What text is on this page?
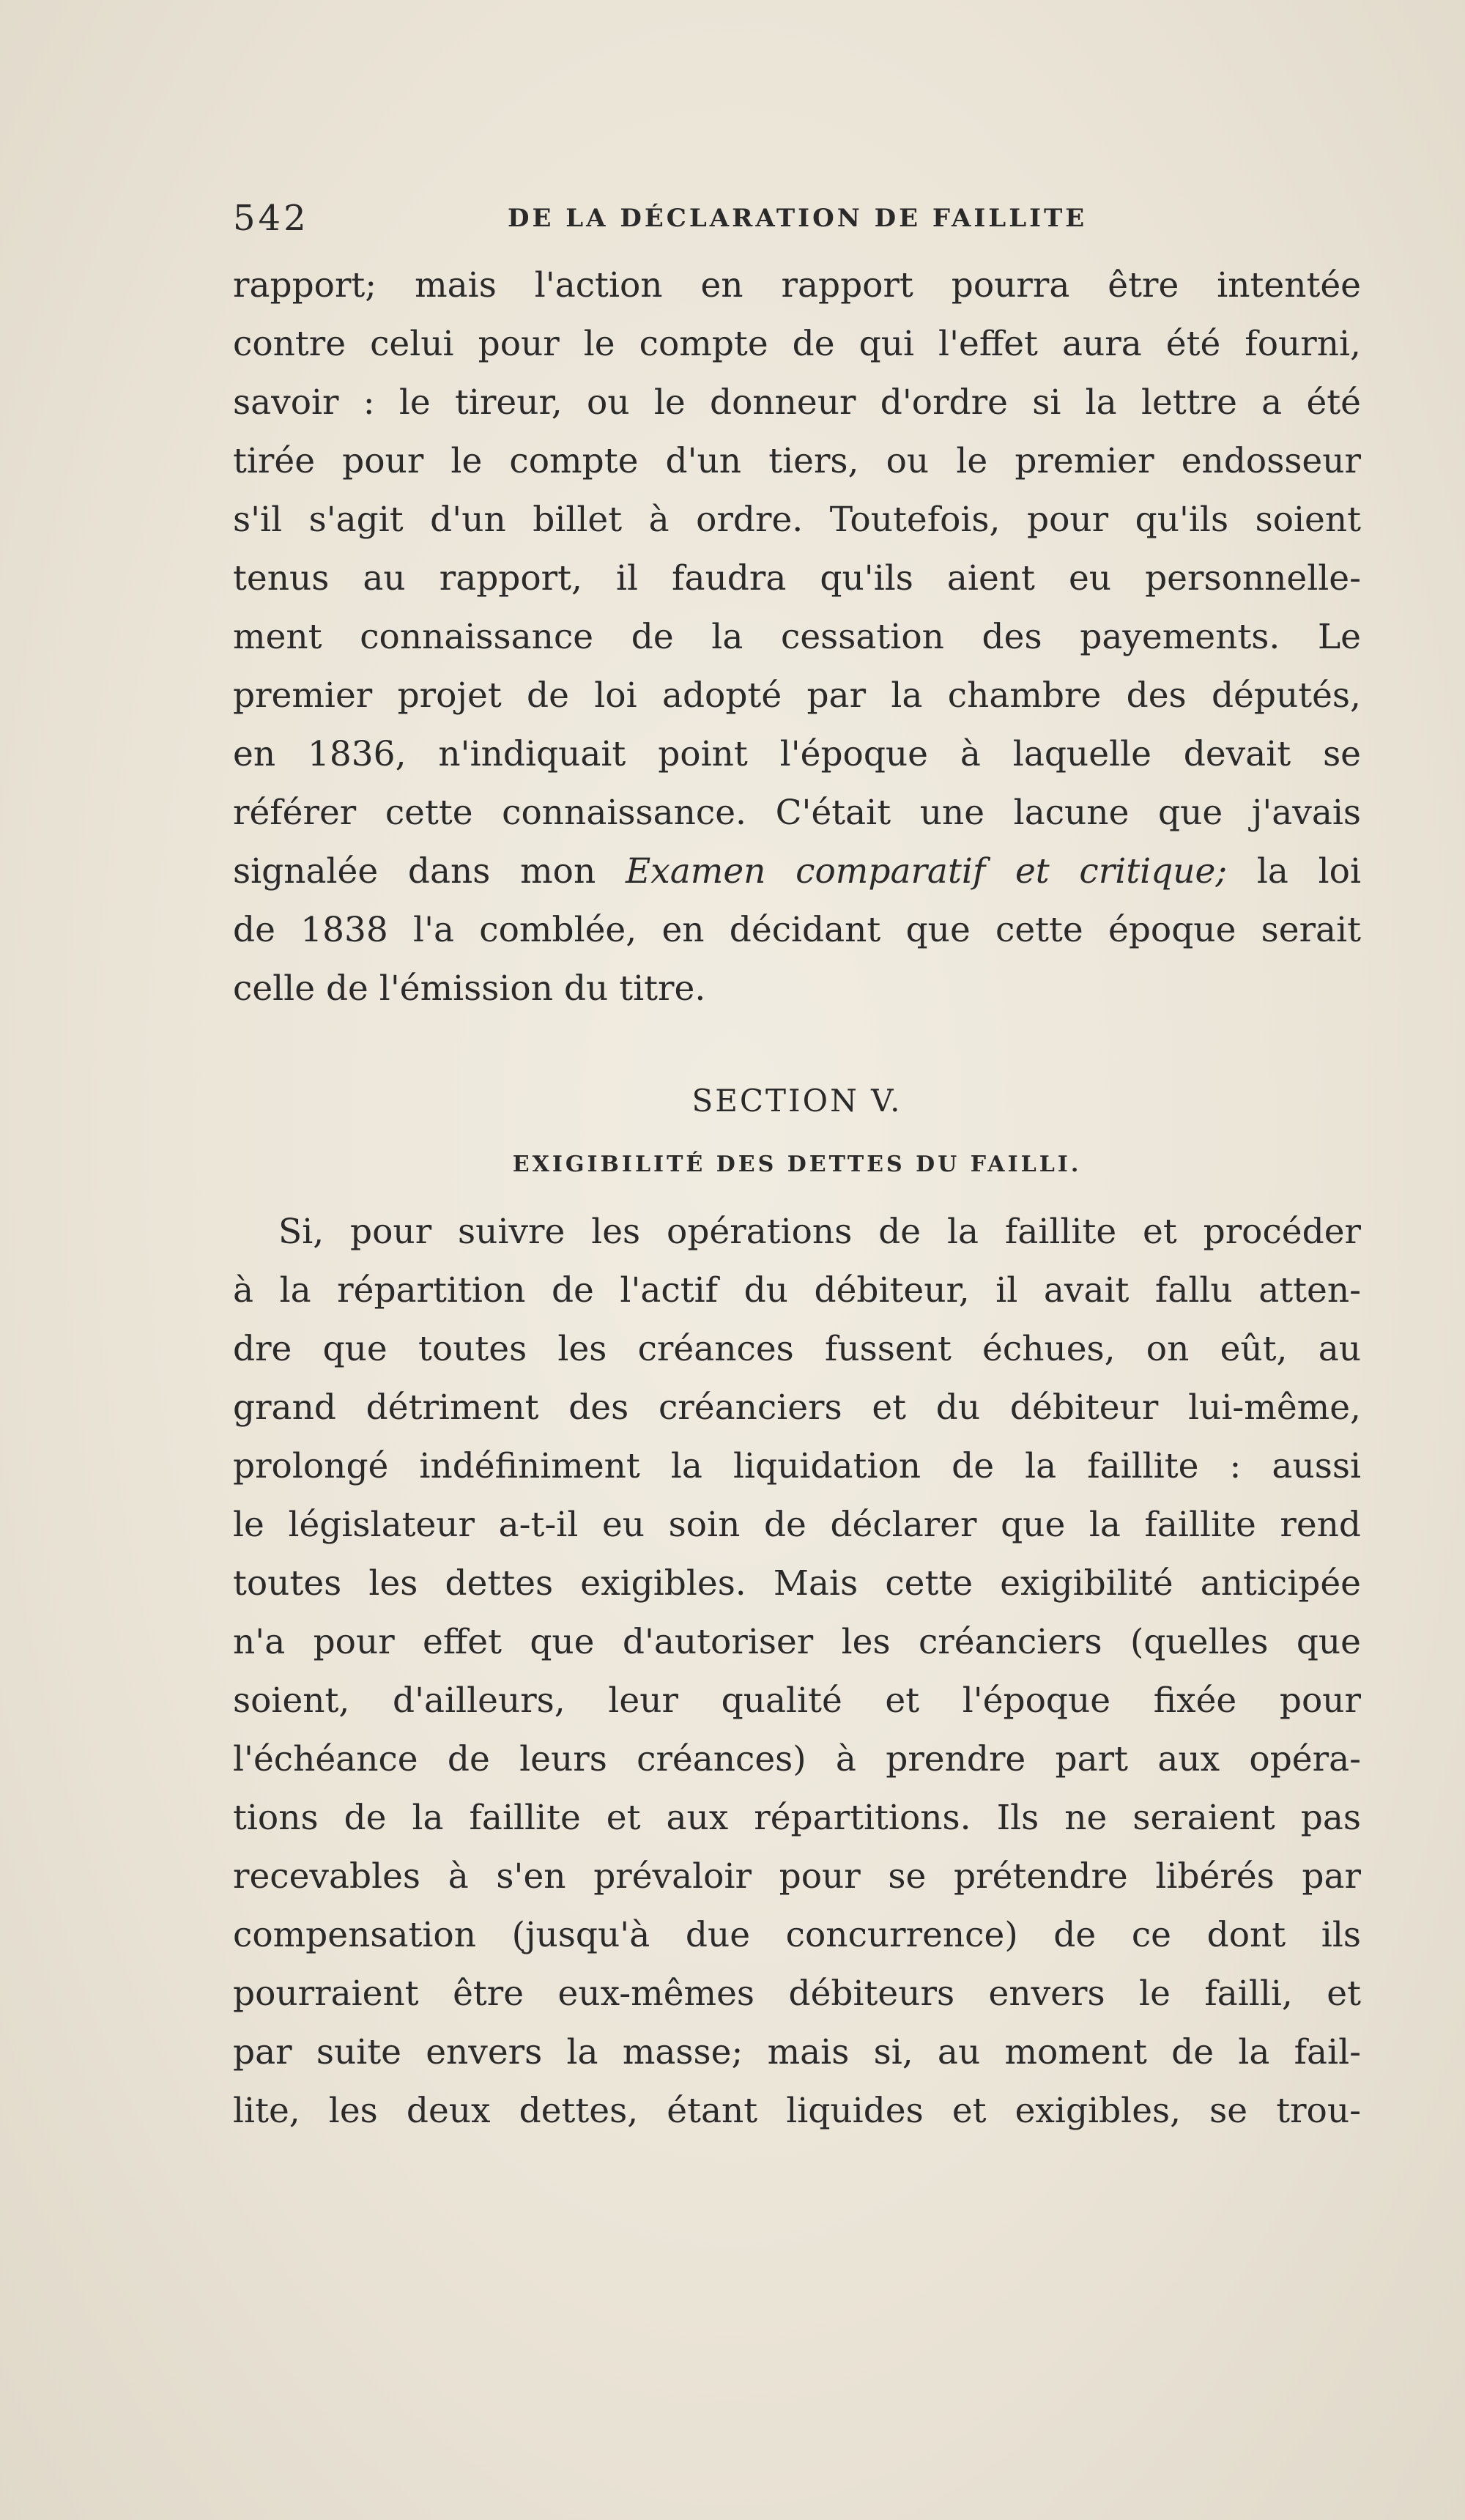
542	DE LA DÉCLARATION DE FAILLITE

rapport; mais l'action en rapport pourra être intentée
contre celui pour le compte de qui l'effet aura été fourni,
savoir : le tireur, ou le donneur d'ordre si la lettre a été
tirée pour le compte d'un tiers, ou le premier endosseur
s'il s'agit d'un billet à ordre. Toutefois, pour qu'ils soient
tenus au rapport, il faudra qu'ils aient eu personnelle-
ment connaissance de la cessation des payements. Le
premier projet de loi adopté par la chambre des députés,
en 1836, n'indiquait point l'époque à laquelle devait se
référer cette connaissance. C'était une lacune que j'avais
signalée dans mon Examen comparatif et critique; la loi
de 1838 l'a comblée, en décidant que cette époque serait
celle de l'émission du titre.

SECTION V.
EXIGIBILITÉ DES DETTES DU FAILLI.

Si, pour suivre les opérations de la faillite et procéder
à la répartition de l'actif du débiteur, il avait fallu atten-
dre que toutes les créances fussent échues, on eût, au
grand détriment des créanciers et du débiteur lui-même,
prolongé indéfiniment la liquidation de la faillite : aussi
le législateur a-t-il eu soin de déclarer que la faillite rend
toutes les dettes exigibles. Mais cette exigibilité anticipée
n'a pour effet que d'autoriser les créanciers (quelles que
soient, d'ailleurs, leur qualité et l'époque fixée pour
l'échéance de leurs créances) à prendre part aux opéra-
tions de la faillite et aux répartitions. Ils ne seraient pas
recevables à s'en prévaloir pour se prétendre libérés par
compensation (jusqu'à due concurrence) de ce dont ils
pourraient être eux-mêmes débiteurs envers le failli, et
par suite envers la masse; mais si, au moment de la fail-
lite, les deux dettes, étant liquides et exigibles, se trou-
